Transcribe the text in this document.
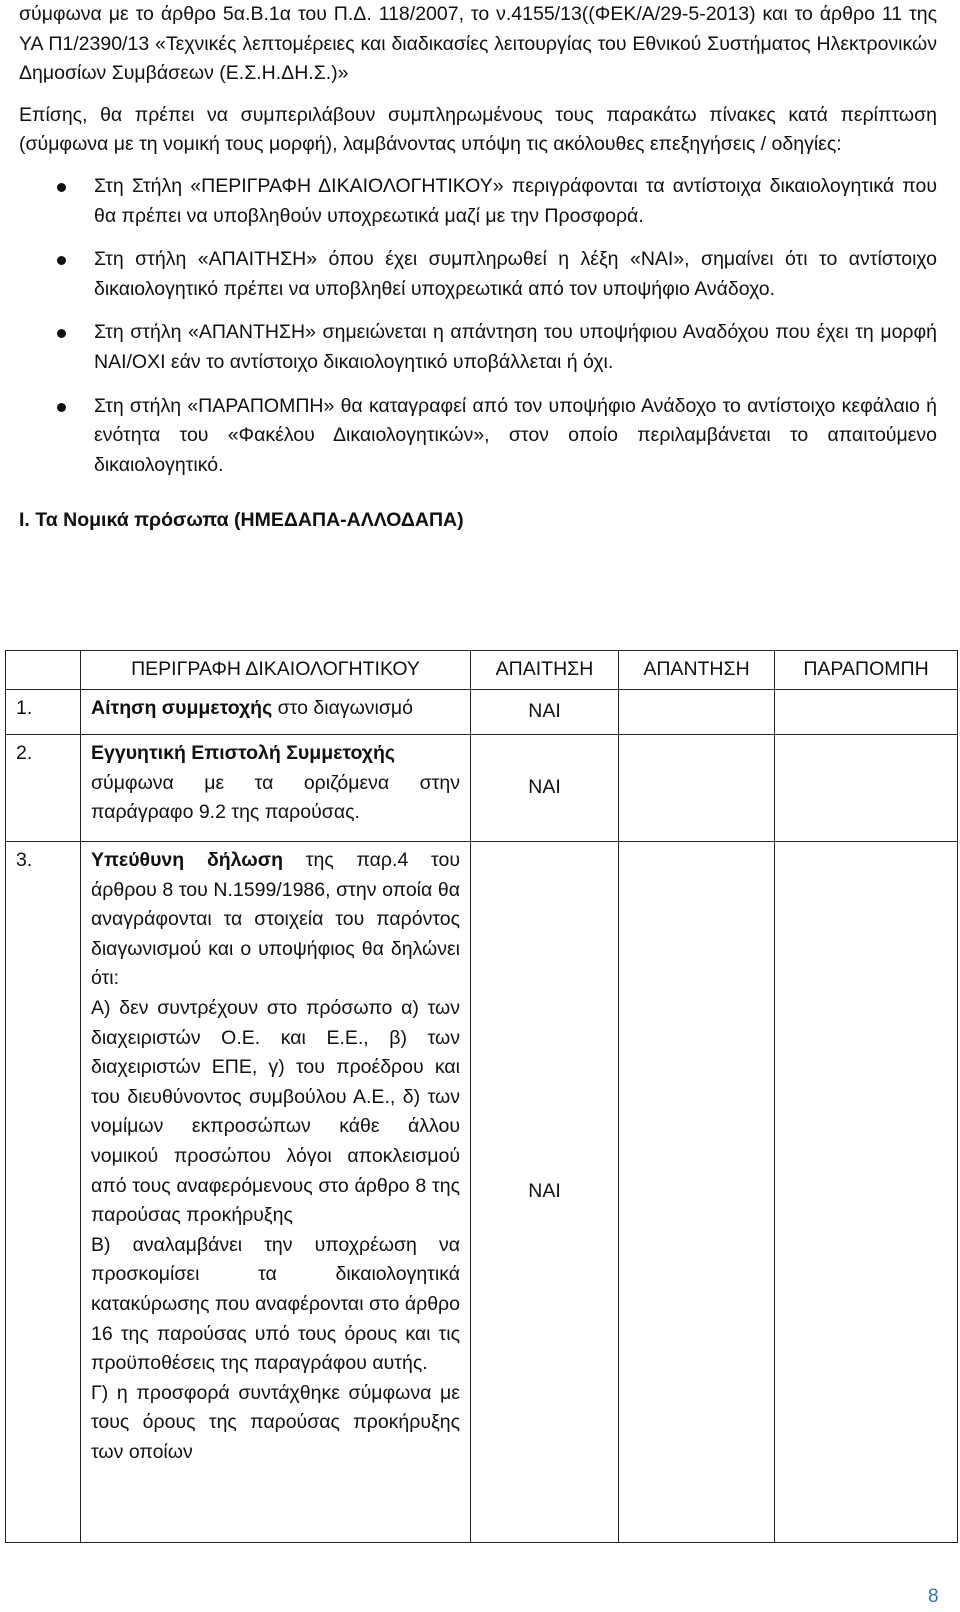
σύμφωνα με το άρθρο 5α.Β.1α του Π.Δ. 118/2007, το ν.4155/13((ΦΕΚ/Α/29-5-2013) και το άρθρο 11 της ΥΑ Π1/2390/13 «Τεχνικές λεπτομέρειες και διαδικασίες λειτουργίας του Εθνικού Συστήματος Ηλεκτρονικών Δημοσίων Συμβάσεων (Ε.Σ.Η.ΔΗ.Σ.)»

Επίσης, θα πρέπει να συμπεριλάβουν συμπληρωμένους τους παρακάτω πίνακες κατά περίπτωση (σύμφωνα με τη νομική τους μορφή), λαμβάνοντας υπόψη τις ακόλουθες επεξηγήσεις / οδηγίες:

Στη Στήλη «ΠΕΡΙΓΡΑΦΗ ΔΙΚΑΙΟΛΟΓΗΤΙΚΟΥ» περιγράφονται τα αντίστοιχα δικαιολογητικά που θα πρέπει να υποβληθούν υποχρεωτικά μαζί με την Προσφορά.
Στη στήλη «ΑΠΑΙΤΗΣΗ» όπου έχει συμπληρωθεί η λέξη «ΝΑΙ», σημαίνει ότι το αντίστοιχο δικαιολογητικό πρέπει να υποβληθεί υποχρεωτικά από τον υποψήφιο Ανάδοχο.
Στη στήλη «ΑΠΑΝΤΗΣΗ» σημειώνεται η απάντηση του υποψήφιου Αναδόχου που έχει τη μορφή ΝΑΙ/ΟΧΙ εάν το αντίστοιχο δικαιολογητικό υποβάλλεται ή όχι.
Στη στήλη «ΠΑΡΑΠΟΜΠΗ» θα καταγραφεί από τον υποψήφιο Ανάδοχο το αντίστοιχο κεφάλαιο ή ενότητα του «Φακέλου Δικαιολογητικών», στον οποίο περιλαμβάνεται το απαιτούμενο δικαιολογητικό.
Ι. Τα Νομικά πρόσωπα (ΗΜΕΔΑΠΑ-ΑΛΛΟΔΑΠΑ)
	ΠΕΡΙΓΡΑΦΗ ΔΙΚΑΙΟΛΟΓΗΤΙΚΟΥ	ΑΠΑΙΤΗΣΗ	ΑΠΑΝΤΗΣΗ	ΠΑΡΑΠΟΜΠΗ
1.	Αίτηση συμμετοχής στο διαγωνισμό	ΝΑΙ		
2.	Εγγυητική Επιστολή Συμμετοχής
σύμφωνα με τα οριζόμενα στην παράγραφο 9.2 της παρούσας.	ΝΑΙ		
3.	Υπεύθυνη δήλωση της παρ.4 του άρθρου 8 του Ν.1599/1986, στην οποία θα αναγράφονται τα στοιχεία του παρόντος διαγωνισμού και ο υποψήφιος θα δηλώνει ότι:
Α) δεν συντρέχουν στο πρόσωπο α) των διαχειριστών Ο.Ε. και Ε.Ε., β) των διαχειριστών ΕΠΕ, γ) του προέδρου και του διευθύνοντος συμβούλου Α.Ε., δ) των νομίμων εκπροσώπων κάθε άλλου νομικού προσώπου λόγοι αποκλεισμού από τους αναφερόμενους στο άρθρο 8 της παρούσας προκήρυξης
Β) αναλαμβάνει την υποχρέωση να προσκομίσει τα δικαιολογητικά κατακύρωσης που αναφέρονται στο άρθρο 16 της παρούσας υπό τους όρους και τις προϋποθέσεις της παραγράφου αυτής.
Γ) η προσφορά συντάχθηκε σύμφωνα με τους όρους της παρούσας προκήρυξης των οποίων	ΝΑΙ		
8
